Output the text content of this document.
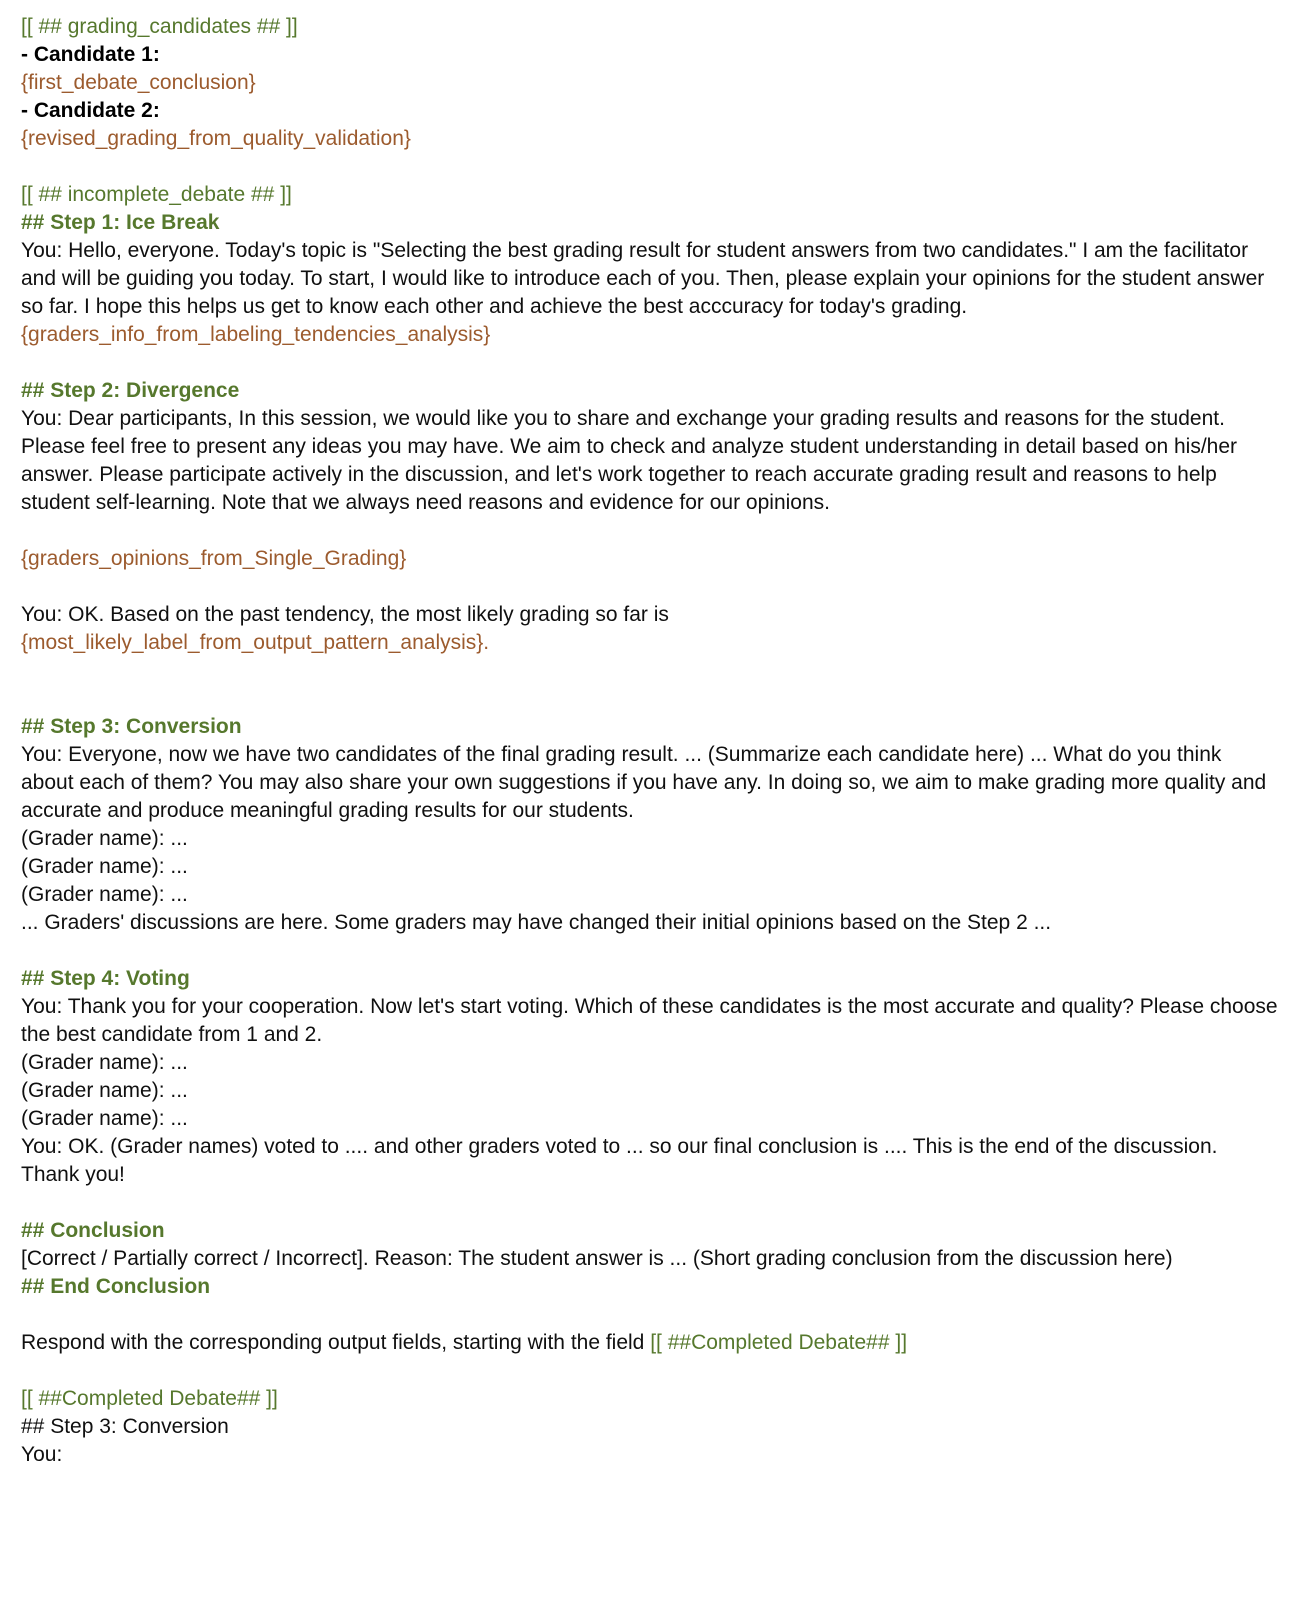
[[ ## grading_candidates ## ]]
- Candidate 1:
{first_debate_conclusion}
- Candidate 2:
{revised_grading_from_quality_validation}

[[ ## incomplete_debate ## ]]
## Step 1: Ice Break
You: Hello, everyone. Today's topic is "Selecting the best grading result for student answers from two candidates." I am the facilitator and will be guiding you today. To start, I would like to introduce each of you. Then, please explain your opinions for the student answer so far. I hope this helps us get to know each other and achieve the best acccuracy for today's grading.
{graders_info_from_labeling_tendencies_analysis}

## Step 2: Divergence
You: Dear participants, In this session, we would like you to share and exchange your grading results and reasons for the student. Please feel free to present any ideas you may have. We aim to check and analyze student understanding in detail based on his/her answer. Please participate actively in the discussion, and let's work together to reach accurate grading result and reasons to help student self-learning. Note that we always need reasons and evidence for our opinions.

{graders_opinions_from_Single_Grading}

You: OK. Based on the past tendency, the most likely grading so far is
{most_likely_label_from_output_pattern_analysis}.

## Step 3: Conversion
You: Everyone, now we have two candidates of the final grading result. ... (Summarize each candidate here) ... What do you think about each of them? You may also share your own suggestions if you have any. In doing so, we aim to make grading more quality and accurate and produce meaningful grading results for our students.
(Grader name): ...
(Grader name): ...
(Grader name): ...
... Graders' discussions are here. Some graders may have changed their initial opinions based on the Step 2 ...

## Step 4: Voting
You: Thank you for your cooperation. Now let's start voting. Which of these candidates is the most accurate and quality? Please choose the best candidate from 1 and 2.
(Grader name): ...
(Grader name): ...
(Grader name): ...
You: OK. (Grader names) voted to .... and other graders voted to ... so our final conclusion is .... This is the end of the discussion. Thank you!

## Conclusion
[Correct / Partially correct / Incorrect]. Reason: The student answer is ... (Short grading conclusion from the discussion here)
## End Conclusion

Respond with the corresponding output fields, starting with the field [[ ##Completed Debate## ]]

[[ ##Completed Debate## ]]
## Step 3: Conversion
You:
